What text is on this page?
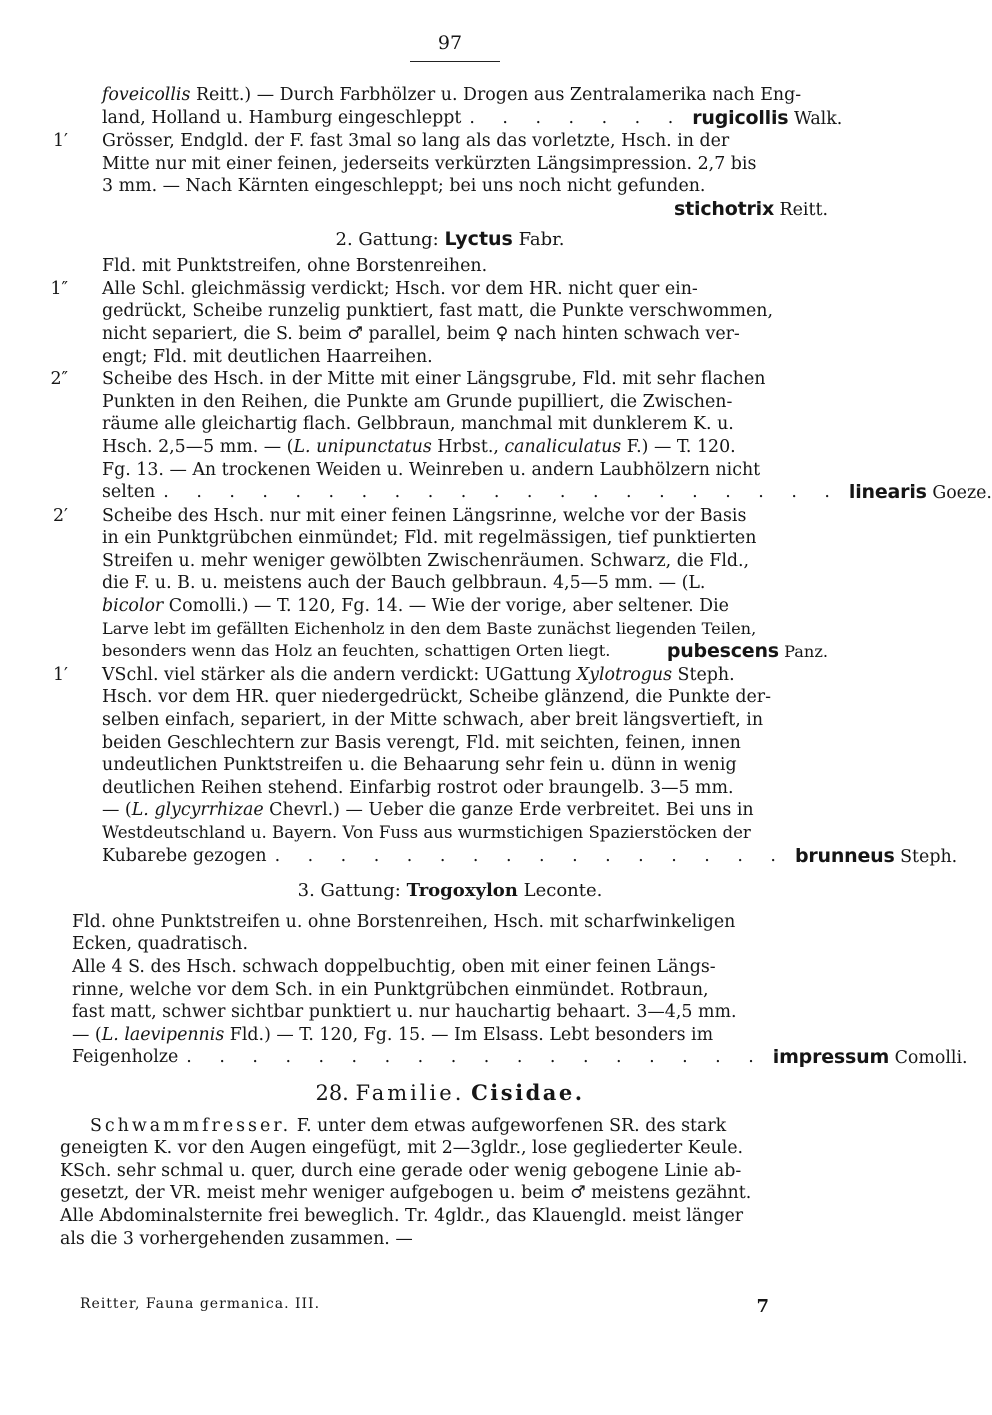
97
foveicollis Reitt.) — Durch Farbhölzer u. Drogen aus Zentralamerika nach Eng-
land, Holland u. Hamburg eingeschleppt . . . . . . . rugicollis Walk.
1′ Grösser, Endgld. der F. fast 3mal so lang als das vorletzte, Hsch. in der
Mitte nur mit einer feinen, jederseits verkürzten Längsimpression. 2,7 bis
3 mm. — Nach Kärnten eingeschleppt; bei uns noch nicht gefunden.
stichotrix Reitt.
2. Gattung: Lyctus Fabr.
Fld. mit Punktstreifen, ohne Borstenreihen.
1″ Alle Schl. gleichmässig verdickt; Hsch. vor dem HR. nicht quer ein-
gedrückt, Scheibe runzelig punktiert, fast matt, die Punkte verschwommen,
nicht separiert, die S. beim ♂ parallel, beim ♀ nach hinten schwach ver-
engt; Fld. mit deutlichen Haarreihen.
2″ Scheibe des Hsch. in der Mitte mit einer Längsgrube, Fld. mit sehr flachen
Punkten in den Reihen, die Punkte am Grunde pupilliert, die Zwischen-
räume alle gleichartig flach. Gelbbraun, manchmal mit dunklerem K. u.
Hsch. 2,5—5 mm. — (L. unipunctatus Hrbst., canaliculatus F.) — T. 120.
Fg. 13. — An trockenen Weiden u. Weinreben u. andern Laubhölzern nicht
selten . . . . . . . . . . . . . . . . . . . . . linearis Goeze.
2′ Scheibe des Hsch. nur mit einer feinen Längsrinne, welche vor der Basis
in ein Punktgrübchen einmündet; Fld. mit regelmässigen, tief punktierten
Streifen u. mehr weniger gewölbten Zwischenräumen. Schwarz, die Fld.,
die F. u. B. u. meistens auch der Bauch gelbbraun. 4,5—5 mm. — (L.
bicolor Comolli.) — T. 120, Fg. 14. — Wie der vorige, aber seltener. Die
Larve lebt im gefällten Eichenholz in den dem Baste zunächst liegenden Teilen,
besonders wenn das Holz an feuchten, schattigen Orten liegt.	pubescens Panz.
1′ VSchl. viel stärker als die andern verdickt: UGattung Xylotrogus Steph.
Hsch. vor dem HR. quer niedergedrückt, Scheibe glänzend, die Punkte der-
selben einfach, separiert, in der Mitte schwach, aber breit längsvertieft, in
beiden Geschlechtern zur Basis verengt, Fld. mit seichten, feinen, innen
undeutlichen Punktstreifen u. die Behaarung sehr fein u. dünn in wenig
deutlichen Reihen stehend. Einfarbig rostrot oder braungelb. 3—5 mm.
— (L. glycyrrhizae Chevrl.) — Ueber die ganze Erde verbreitet. Bei uns in
Westdeutschland u. Bayern. Von Fuss aus wurmstichigen Spazierstöcken der
Kubarebe gezogen . . . . . . . . . . . . . . . . brunneus Steph.
3. Gattung: Trogoxylon Leconte.
Fld. ohne Punktstreifen u. ohne Borstenreihen, Hsch. mit scharfwinkeligen
Ecken, quadratisch.
Alle 4 S. des Hsch. schwach doppelbuchtig, oben mit einer feinen Längs-
rinne, welche vor dem Sch. in ein Punktgrübchen einmündet. Rotbraun,
fast matt, schwer sichtbar punktiert u. nur hauchartig behaart. 3—4,5 mm.
— (L. laevipennis Fld.) — T. 120, Fg. 15. — Im Elsass. Lebt besonders im
Feigenholze . . . . . . . . . . . . . . . . . . impressum Comolli.
28. Familie. Cisidae.
Schwammfresser. F. unter dem etwas aufgeworfenen SR. des stark
geneigten K. vor den Augen eingefügt, mit 2—3gldr., lose gegliederter Keule.
KSch. sehr schmal u. quer, durch eine gerade oder wenig gebogene Linie ab-
gesetzt, der VR. meist mehr weniger aufgebogen u. beim ♂ meistens gezähnt.
Alle Abdominalsternite frei beweglich. Tr. 4gldr., das Klauengld. meist länger
als die 3 vorhergehenden zusammen. —
Reitter, Fauna germanica. III.	7
